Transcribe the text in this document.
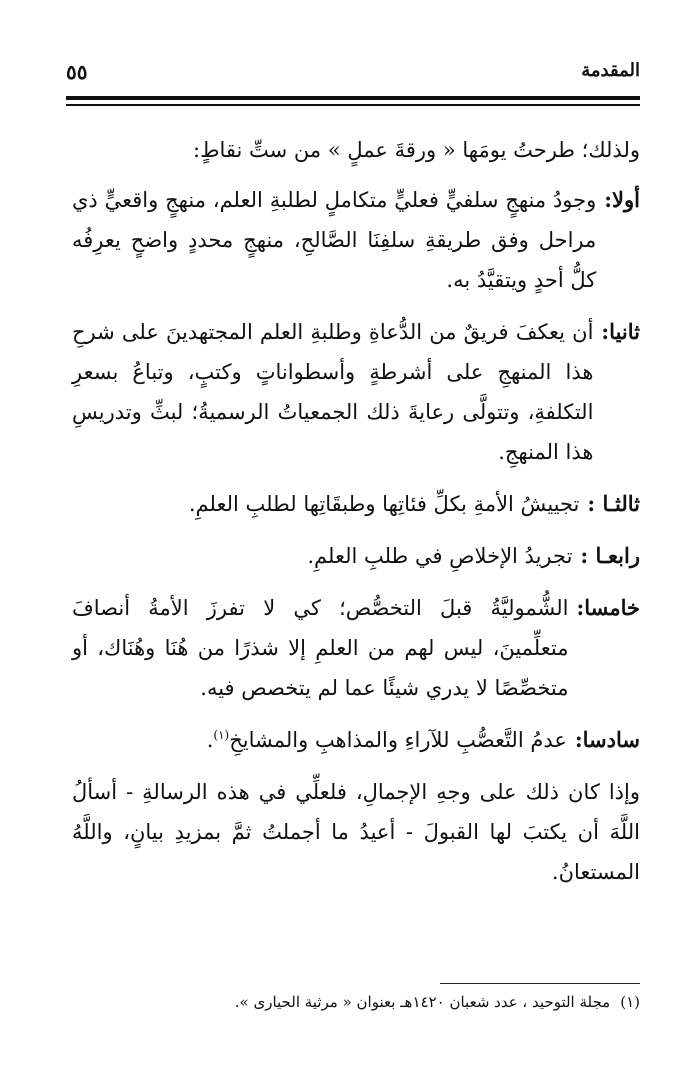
المقدمة
٥٥

ولذلك؛ طرحتُ يومَها « ورقةَ عملٍ » من ستِّ نقاطٍ:

أولا:
وجودُ منهجٍ سلفيٍّ فعليٍّ متكاملٍ لطلبةِ العلم، منهجٍ واقعيٍّ ذي مراحل وفق طريقةِ سلفِنَا الصَّالحِ، منهجٍ محددٍ واضحٍ يعرِفُه كلُّ أحدٍ ويتقيَّدُ به.
ثانيا:
أن يعكفَ فريقٌ من الدُّعاةِ وطلبةِ العلم المجتهدينَ على شرحِ هذا المنهجِ على أشرطةٍ وأسطواناتٍ وكتبٍ، وتباعُ بسعرِ التكلفةِ، وتتولَّى رعايةَ ذلك الجمعياتُ الرسميةُ؛ لبثِّ وتدريسِ هذا المنهجِ.
ثالثـا :
تجييشُ الأمةِ بكلِّ فئاتِها وطبقَاتِها لطلبِ العلمِ.
رابعـا :
تجريدُ الإخلاصِ في طلبِ العلمِ.
خامسا:
الشُّموليَّةُ قبلَ التخصُّص؛ كي لا تفرزَ الأمةُ أنصافَ متعلِّمينَ، ليس لهم من العلمِ إلا شذرًا من هُنَا وهُنَاك، أو متخصِّصًا لا يدري شيئًا عما لم يتخصص فيه.
سادسا:
عدمُ التَّعصُّبِ للآراءِ والمذاهبِ والمشايخِ$^{(١)}$.

وإذا كان ذلك على وجهِ الإجمالِ، فلعلِّي في هذه الرسالةِ - أسألُ اللَّهَ أن يكتبَ لها القبولَ - أعيدُ ما أجملتُ ثمَّ بمزيدِ بيانٍ، واللَّهُ المستعانُ.

(١)مجلة التوحيد ، عدد شعبان ١٤٢٠هـ بعنوان « مرثية الحيارى ».
